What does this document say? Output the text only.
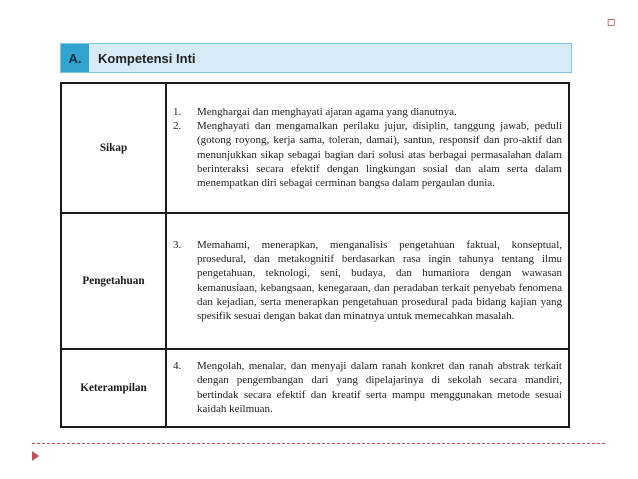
▫
A.	Kompetensi Inti
Sikap	1. Menghargai dan menghayati ajaran agama yang dianutnya.
2. Menghayati dan mengamalkan perilaku jujur, disiplin, tanggung jawab, peduli (gotong royong, kerja sama, toleran, damai), santun, responsif dan pro-aktif dan menunjukkan sikap sebagai bagian dari solusi atas berbagai permasalahan dalam berinteraksi secara efektif dengan lingkungan sosial dan alam serta dalam menempatkan diri sebagai cerminan bangsa dalam pergaulan dunia.

Pengetahuan	3. Memahami, menerapkan, menganalisis pengetahuan faktual, konseptual, prosedural, dan metakognitif berdasarkan rasa ingin tahunya tentang ilmu pengetahuan, teknologi, seni, budaya, dan humaniora dengan wawasan kemanusiaan, kebangsaan, kenegaraan, dan peradaban terkait penyebab fenomena dan kejadian, serta menerapkan pengetahuan prosedural pada bidang kajian yang spesifik sesuai dengan bakat dan minatnya untuk memecahkan masalah.

Keterampilan	4. Mengolah, menalar, dan menyaji dalam ranah konkret dan ranah abstrak terkait dengan pengembangan dari yang dipelajarinya di sekolah secara mandiri, bertindak secara efektif dan kreatif serta mampu menggunakan metode sesuai kaidah keilmuan.
